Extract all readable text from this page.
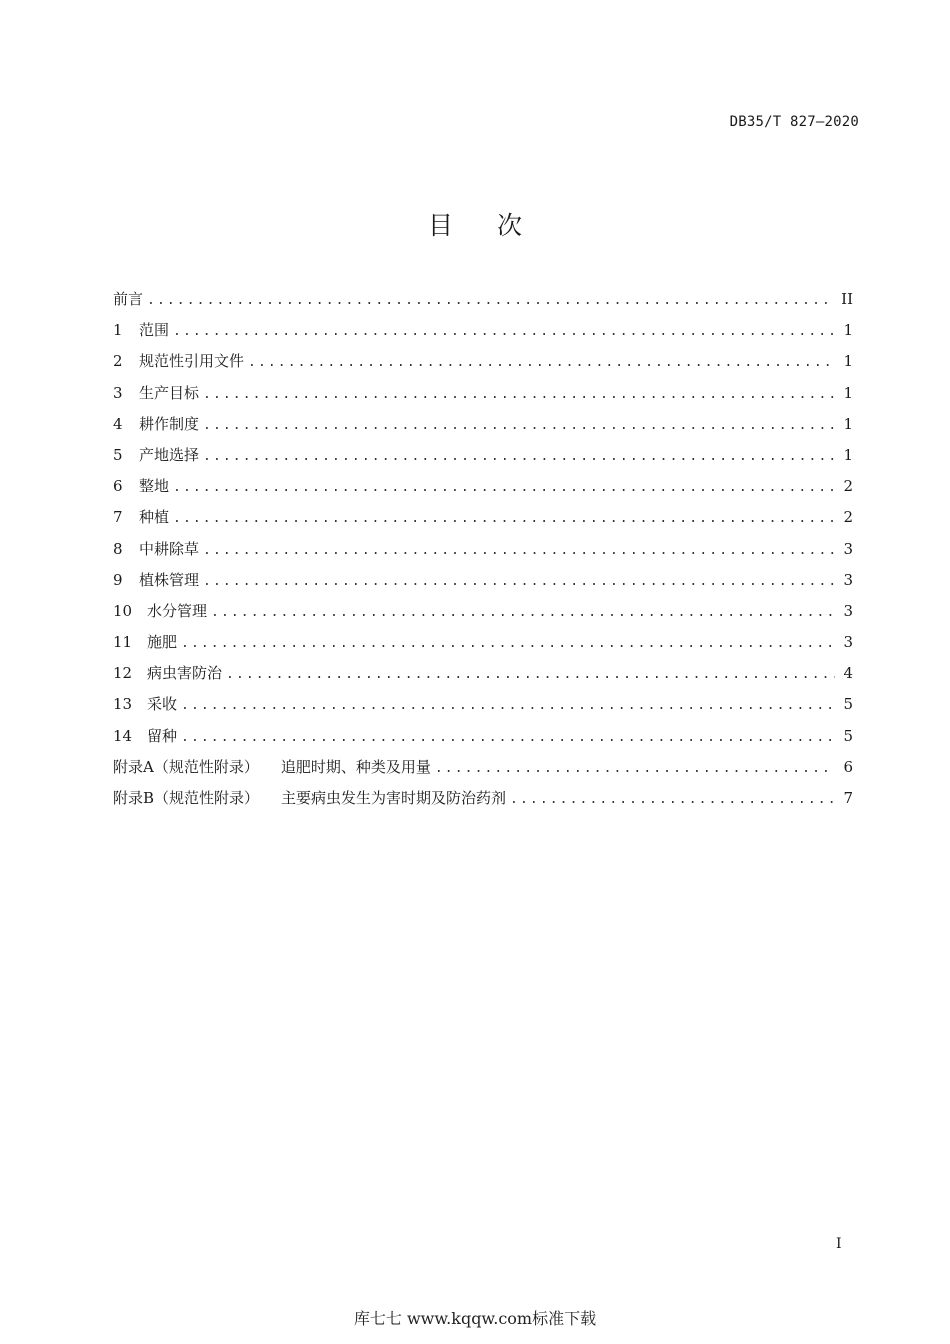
DB35/T 827—2020
目 次
前言 .....	II
1	范围 .....	1
2	规范性引用文件 .....	1
3	生产目标 .....	1
4	耕作制度 .....	1
5	产地选择 .....	1
6	整地 .....	2
7	种植 .....	2
8	中耕除草 .....	3
9	植株管理 .....	3
10 水分管理 .....	3
11 施肥 .....	3
12 病虫害防治 .....	4
13 采收 .....	5
14 留种 .....	5
附录A（规范性附录） 追肥时期、种类及用量 .....	6
附录B（规范性附录） 主要病虫发生为害时期及防治药剂 .....	7
I
库七七 www.kqqw.com标准下载
